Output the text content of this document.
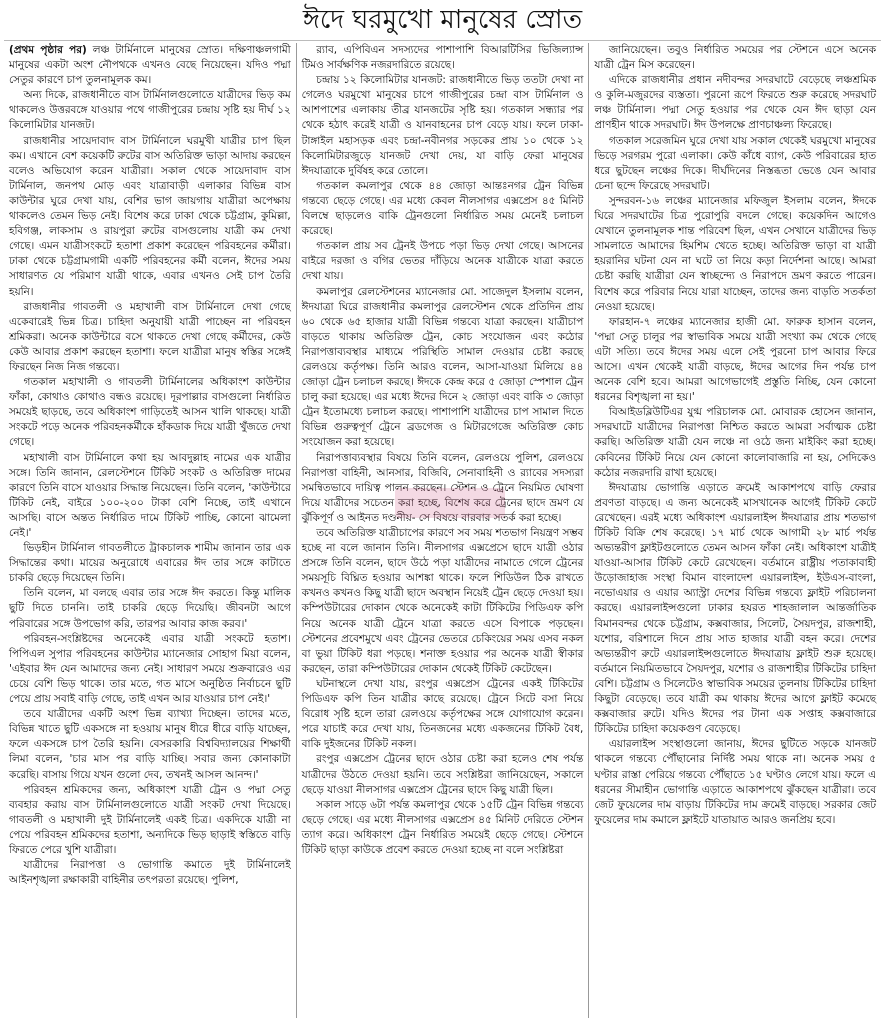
ঈদে ঘরমুখো মানুষের স্রোত

(প্রথম পৃষ্ঠার পর) লঞ্চ টার্মিনালে মানুষের স্রোত। দক্ষিণাঞ্চলগামী মানুষের একটা অংশ নৌপথকে এখনও বেছে নিয়েছেন। যদিও পদ্মা সেতুর কারণে চাপ তুলনামূলক কম।

অন্য দিকে, রাজধানীতে বাস টার্মিনালগুলোতে যাত্রীদের ভিড় কম থাকলেও উত্তরবঙ্গে যাওয়ার পথে গাজীপুরের চন্দ্রায় সৃষ্টি হয় দীর্ঘ ১২ কিলোমিটার যানজট।

রাজধানীর সায়েদাবাদ বাস টার্মিনালে ঘরমুখী যাত্রীর চাপ ছিল কম। এখানে বেশ কয়েকটি রুটের বাস অতিরিক্ত ভাড়া আদায় করছেন বলেও অভিযোগ করেন যাত্রীরা। সকাল থেকে সায়েদাবাদ বাস টার্মিনাল, জনপথ মোড় এবং যাত্রাবাড়ী এলাকার বিভিন্ন বাস কাউন্টার ঘুরে দেখা যায়, বেশির ভাগ জায়গায় যাত্রীরা অপেক্ষায় থাকলেও তেমন ভিড় নেই। বিশেষ করে ঢাকা থেকে চট্টগ্রাম, কুমিল্লা, হবিগঞ্জ, লাকসাম ও রায়পুরা রুটের বাসগুলোয় যাত্রী কম দেখা গেছে। এমন যাত্রীসংকটে হতাশা প্রকাশ করেছেন পরিবহনের কর্মীরা। ঢাকা থেকে চট্টগ্রামগামী একটি পরিবহনের কর্মী বলেন, ঈদের সময় সাধারণত যে পরিমাণ যাত্রী থাকে, এবার এখনও সেই চাপ তৈরি হয়নি।

রাজধানীর গাবতলী ও মহাখালী বাস টার্মিনালে দেখা গেছে একেবারেই ভিন্ন চিত্র। চাহিদা অনুযায়ী যাত্রী পাচ্ছেন না পরিবহন শ্রমিকরা। অনেক কাউন্টারে বসে থাকতে দেখা গেছে কর্মীদের, কেউ কেউ আবার প্রকাশ করছেন হতাশা। ফলে যাত্রীরা মানুষ স্বস্তির সঙ্গেই ফিরছেন নিজ নিজ গন্তব্যে।

গতকাল মহাখালী ও গাবতলী টার্মিনালের অধিকাংশ কাউন্টার ফাঁকা, কোথাও কোথাও বন্ধও রয়েছে। দূরপাল্লার বাসগুলো নির্ধারিত সময়েই ছাড়ছে, তবে অধিকাংশ গাড়িতেই আসন খালি থাকছে। যাত্রী সংকটে পড়ে অনেক পরিবহনকর্মীকে হাঁকডাক দিয়ে যাত্রী খুঁজতে দেখা গেছে।

মহাখালী বাস টার্মিনালে কথা হয় আবদুল্লাহ নামের এক যাত্রীর সঙ্গে। তিনি জানান, রেলস্টেশনে টিকিট সংকট ও অতিরিক্ত দামের কারণে তিনি বাসে যাওয়ার সিদ্ধান্ত নিয়েছেন। তিনি বলেন, 'কাউন্টারে টিকিট নেই, বাইরে ১০০-২০০ টাকা বেশি নিচ্ছে, তাই এখানে আসছি। বাসে অন্তত নির্ধারিত দামে টিকিট পাচ্ছি, কোনো ঝামেলা নেই।'

ভিড়হীন টার্মিনাল গাবতলীতে ট্রাকচালক শামীম জানান তার এক সিদ্ধান্তের কথা। মায়ের অনুরোধে এবারের ঈদ তার সঙ্গে কাটাতে চাকরি ছেড়ে দিয়েছেন তিনি।

তিনি বলেন, মা বলছে এবার তার সঙ্গে ঈদ করতে। কিন্তু মালিক ছুটি দিতে চাননি। তাই চাকরি ছেড়ে দিয়েছি। জীবনটা আগে পরিবারের সঙ্গে উপভোগ করি, তারপর আবার কাজ করব।'

পরিবহন-সংশ্লিষ্টদের অনেকেই এবার যাত্রী সংকটে হতাশ। পিপিএল সুপার পরিবহনের কাউন্টার ম্যানেজার সোহাগ মিয়া বলেন, 'এইবার ঈদ যেন আমাদের জন্য নেই। সাধারণ সময়ে শুক্রবারেও এর চেয়ে বেশি ভিড় থাকে। তার মতে, গত মাসে অনুষ্ঠিত নির্বাচনে ছুটি পেয়ে প্রায় সবাই বাড়ি গেছে, তাই এখন আর যাওয়ার চাপ নেই।'

তবে যাত্রীদের একটি অংশ ভিন্ন ব্যাখ্যা দিচ্ছেন। তাদের মতে, বিভিন্ন খাতে ছুটি একসঙ্গে না হওয়ায় মানুষ ধীরে ধীরে বাড়ি যাচ্ছেন, ফলে একসঙ্গে চাপ তৈরি হয়নি। বেসরকারি বিশ্ববিদ্যালয়ের শিক্ষার্থী লিমা বলেন, 'চার মাস পর বাড়ি যাচ্ছি। সবার জন্য কোনাকাটা করেছি। বাসায় গিয়ে যখন গুলো দেব, তখনই আসল আনন্দ।'

পরিবহন শ্রমিকদের জন্য, অধিকাংশ যাত্রী ট্রেন ও পদ্মা সেতু ব্যবহার করায় বাস টার্মিনালগুলোতে যাত্রী সংকট দেখা দিয়েছে। গাবতলী ও মহাখালী দুই টার্মিনালেই একই চিত্র। একদিকে যাত্রী না পেয়ে পরিবহন শ্রমিকদের হতাশা, অন্যদিকে ভিড় ছাড়াই স্বস্তিতে বাড়ি ফিরতে পেরে খুশি যাত্রীরা।

যাত্রীদের নিরাপত্তা ও ভোগান্তি কমাতে দুই টার্মিনালেই আইনশৃঙ্খলা রক্ষাকারী বাহিনীর তৎপরতা রয়েছে। পুলিশ,

র‍্যাব, এপিবিএন সদস্যদের পাশাপাশি বিআরটিসির ভিজিল্যান্স টিমও সার্বক্ষণিক নজরদারিতে রয়েছে।

চন্দ্রায় ১২ কিলোমিটার যানজট: রাজধানীতে ভিড় ততটা দেখা না গেলেও ঘরমুখো মানুষের চাপে গাজীপুরের চন্দ্রা বাস টার্মিনাল ও আশপাশের এলাকায় তীব্র যানজটের সৃষ্টি হয়। গতকাল সন্ধ্যার পর থেকে হঠাৎ করেই যাত্রী ও যানবাহনের চাপ বেড়ে যায়। ফলে ঢাকা-টাঙ্গাইল মহাসড়ক এবং চন্দ্রা-নবীনগর সড়কের প্রায় ১০ থেকে ১২ কিলোমিটারজুড়ে যানজট দেখা দেয়, যা বাড়ি ফেরা মানুষের ঈদযাত্রাকে দুর্বিষহ করে তোলে।

গতকাল কমলাপুর থেকে ৪৪ জোড়া আন্তঃনগর ট্রেন বিভিন্ন গন্তব্যে ছেড়ে গেছে। এর মধ্যে কেবল নীলসাগর এক্সপ্রেস ৪৫ মিনিট বিলম্বে ছাড়লেও বাকি ট্রেনগুলো নির্ধারিত সময় মেনেই চলাচল করেছে।

গতকাল প্রায় সব ট্রেনই উপচে পড়া ভিড় দেখা গেছে। আসনের বাইরে দরজা ও বগির ভেতর দাঁড়িয়ে অনেক যাত্রীকে যাত্রা করতে দেখা যায়।

কমলাপুর রেলস্টেশনের ম্যানেজার মো. সাজেদুল ইসলাম বলেন, ঈদযাত্রা ঘিরে রাজধানীর কমলাপুর রেলস্টেশন থেকে প্রতিদিন প্রায় ৬০ থেকে ৬৫ হাজার যাত্রী বিভিন্ন গন্তব্যে যাত্রা করছেন। যাত্রীচাপ বাড়তে থাকায় অতিরিক্ত ট্রেন, কোচ সংযোজন এবং কঠোর নিরাপত্তাব্যবস্থার মাধ্যমে পরিস্থিতি সামাল দেওয়ার চেষ্টা করছে রেলওয়ে কর্তৃপক্ষ। তিনি আরও বলেন, আসা-যাওয়া মিলিয়ে ৪৪ জোড়া ট্রেন চলাচল করছে। ঈদকে কেন্দ্র করে ৫ জোড়া স্পেশাল ট্রেন চালু করা হয়েছে। এর মধ্যে ঈদের দিনে ২ জোড়া এবং বাকি ৩ জোড়া ট্রেন ইতোমধ্যে চলাচল করছে। পাশাপাশি যাত্রীদের চাপ সামাল দিতে বিভিন্ন গুরুত্বপূর্ণ ট্রেনে ব্রডগেজ ও মিটারগেজে অতিরিক্ত কোচ সংযোজন করা হয়েছে।

নিরাপত্তাব্যবস্থার বিষয়ে তিনি বলেন, রেলওয়ে পুলিশ, রেলওয়ে নিরাপত্তা বাহিনী, আনসার, বিজিবি, সেনাবাহিনী ও র‍্যাবের সদস্যরা সমন্বিতভাবে দায়িত্ব পালন করছেন। স্টেশন ও ট্রেনে নিয়মিত ঘোষণা দিয়ে যাত্রীদের সচেতন করা হচ্ছে, বিশেষ করে ট্রেনের ছাদে ভ্রমণ যে ঝুঁকিপূর্ণ ও আইনত দণ্ডনীয়- সে বিষয়ে বারবার সতর্ক করা হচ্ছে।

তবে অতিরিক্ত যাত্রীচাপের কারণে সব সময় শতভাগ নিয়ন্ত্রণ সম্ভব হচ্ছে না বলে জানান তিনি। নীলসাগর এক্সপ্রেসে ছাদে যাত্রী ওঠার প্রসঙ্গে তিনি বলেন, ছাদে উঠে পড়া যাত্রীদের নামাতে গেলে ট্রেনের সময়সূচি বিঘ্নিত হওয়ার আশঙ্কা থাকে। ফলে শিডিউল ঠিক রাখতে কখনও কখনও কিছু যাত্রী ছাদে অবস্থান নিয়েই ট্রেন ছেড়ে দেওয়া হয়। কম্পিউটারের দোকান থেকে অনেকেই কাটা টিকিটের পিডিএফ কপি নিয়ে অনেক যাত্রী ট্রেনে যাত্রা করতে এসে বিপাকে পড়ছেন। স্টেশনের প্রবেশমুখে এবং ট্রেনের ভেতরে চেকিংয়ের সময় এসব নকল বা ভুয়া টিকিট ধরা পড়ছে। শনাক্ত হওয়ার পর অনেক যাত্রী স্বীকার করছেন, তারা কম্পিউটারের দোকান থেকেই টিকিট কেটেছেন।

ঘটনাস্থলে দেখা যায়, রংপুর এক্সপ্রেস ট্রেনের একই টিকিটের পিডিএফ কপি তিন যাত্রীর কাছে রয়েছে। ট্রেনে সিটে বসা নিয়ে বিরোধ সৃষ্টি হলে তারা রেলওয়ে কর্তৃপক্ষের সঙ্গে যোগাযোগ করেন। পরে যাচাই করে দেখা যায়, তিনজনের মধ্যে একজনের টিকিট বৈধ, বাকি দুইজনের টিকিট নকল।

রংপুর এক্সপ্রেস ট্রেনের ছাদে ওঠার চেষ্টা করা হলেও শেষ পর্যন্ত যাত্রীদের উঠতে দেওয়া হয়নি। তবে সংশ্লিষ্টরা জানিয়েছেন, সকালে ছেড়ে যাওয়া নীলসাগর এক্সপ্রেস ট্রেনের ছাদে কিছু যাত্রী ছিল।

সকাল সাড়ে ৬টা পর্যন্ত কমলাপুর থেকে ১৫টি ট্রেন বিভিন্ন গন্তব্যে ছেড়ে গেছে। এর মধ্যে নীলসাগর এক্সপ্রেস ৪৫ মিনিট দেরিতে স্টেশন ত্যাগ করে। অধিকাংশ ট্রেন নির্ধারিত সময়েই ছেড়ে গেছে। স্টেশনে টিকিট ছাড়া কাউকে প্রবেশ করতে দেওয়া হচ্ছে না বলে সংশ্লিষ্টরা

জানিয়েছেন। তবুও নির্ধারিত সময়ের পর স্টেশনে এসে অনেক যাত্রী ট্রেন মিস করেছেন।

এদিকে রাজধানীর প্রধান নদীবন্দর সদরঘাটে বেড়েছে লঞ্চশ্রমিক ও কুলি-মজুরদের ব্যস্ততা। পুরনো রূপে ফিরতে শুরু করেছে সদরঘাট লঞ্চ টার্মিনাল। পদ্মা সেতু হওয়ার পর থেকে যেন ঈদ ছাড়া যেন প্রাণহীন থাকে সদরঘাট। ঈদ উপলক্ষে প্রাণচাঞ্চল্য ফিরেছে।

গতকাল সরেজমিন ঘুরে দেখা যায় সকাল থেকেই ঘরমুখো মানুষের ভিড়ে সরগরম পুরো এলাকা। কেউ কাঁধে ব্যাগ, কেউ পরিবারের হাত ধরে ছুটছেন লঞ্চের দিকে। দীর্ঘদিনের নিস্তব্ধতা ভেঙে যেন আবার চেনা ছন্দে ফিরেছে সদরঘাট।

সুন্দরবন-১৬ লঞ্চের ম্যানেজার মফিজুল ইসলাম বলেন, ঈদকে ঘিরে সদরঘাটের চিত্র পুরোপুরি বদলে গেছে। কয়েকদিন আগেও যেখানে তুলনামূলক শান্ত পরিবেশ ছিল, এখন সেখানে যাত্রীদের ভিড় সামলাতে আমাদের হিমশিম খেতে হচ্ছে। অতিরিক্ত ভাড়া বা যাত্রী হয়রানির ঘটনা যেন না ঘটে তা নিয়ে কড়া নির্দেশনা আছে। আমরা চেষ্টা করছি যাত্রীরা যেন স্বাচ্ছন্দ্যে ও নিরাপদে ভ্রমণ করতে পারেন। বিশেষ করে পরিবার নিয়ে যারা যাচ্ছেন, তাদের জন্য বাড়তি সতর্কতা নেওয়া হয়েছে।

ফারহান-৭ লঞ্চের ম্যানেজার হাজী মো. ফারুক হাসান বলেন, 'পদ্মা সেতু চালুর পর স্বাভাবিক সময়ে যাত্রী সংখ্যা কম থেকে গেছে এটা সত্যি। তবে ঈদের সময় এলে সেই পুরনো চাপ আবার ফিরে আসে। এখন থেকেই যাত্রী বাড়ছে, ঈদের আগের দিন পর্যন্ত চাপ অনেক বেশি হবে। আমরা আগেভাগেই প্রস্তুতি নিচ্ছি, যেন কোনো ধরনের বিশৃঙ্খলা না হয়।'

বিআইডব্লিউটিএর যুগ্ম পরিচালক মো. মোবারক হোসেন জানান, সদরঘাটে যাত্রীদের নিরাপত্তা নিশ্চিত করতে আমরা সর্বাত্মক চেষ্টা করছি। অতিরিক্ত যাত্রী যেন লঞ্চে না ওঠে জন্য মাইকিং করা হচ্ছে। কেবিনের টিকিট নিয়ে যেন কোনো কালোবাজারি না হয়, সেদিকেও কঠোর নজরদারি রাখা হয়েছে।

ঈদযাত্রায় ভোগান্তি এড়াতে ক্রমেই আকাশপথে বাড়ি ফেরার প্রবণতা বাড়ছে। এ জন্য অনেকেই মাসখানেক আগেই টিকিট কেটে রেখেছেন। এরই মধ্যে অধিকাংশ এয়ারলাইন্স ঈদযাত্রার প্রায় শতভাগ টিকিট বিক্রি শেষ করেছে। ১৭ মার্চ থেকে আগামী ২৮ মার্চ পর্যন্ত অভ্যন্তরীণ ফ্লাইটগুলোতে তেমন আসন ফাঁকা নেই। অধিকাংশ যাত্রীই যাওয়া-আসার টিকিট কেটে রেখেছেন। বর্তমানে রাষ্ট্রীয় পতাকাবাহী উড়োজাহাজ সংস্থা বিমান বাংলাদেশ এয়ারলাইন্স, ইউএস-বাংলা, নভোএয়ার ও এয়ার অ্যাস্ট্রা দেশের বিভিন্ন গন্তব্যে ফ্লাইট পরিচালনা করছে। এয়ারলাইন্সগুলো ঢাকার হযরত শাহজালাল আন্তর্জাতিক বিমানবন্দর থেকে চট্টগ্রাম, কক্সবাজার, সিলেট, সৈয়দপুর, রাজশাহী, যশোর, বরিশালে দিনে প্রায় সাত হাজার যাত্রী বহন করে। দেশের অভ্যন্তরীণ রুটে এয়ারলাইন্সগুলোতে ঈদযাত্রায় ফ্লাইট শুরু হয়েছে। বর্তমানে নিয়মিতভাবে সৈয়দপুর, যশোর ও রাজশাহীর টিকিটের চাহিদা বেশি। চট্টগ্রাম ও সিলেটেও স্বাভাবিক সময়ের তুলনায় টিকিটের চাহিদা কিছুটা বেড়েছে। তবে যাত্রী কম থাকায় ঈদের আগে ফ্লাইট কমেছে কক্সবাজার রুটে। যদিও ঈদের পর টানা এক সপ্তাহ কক্সবাজারে টিকিটের চাহিদা কয়েকগুণ বেড়েছে।

এয়ারলাইন্স সংস্থাগুলো জানায়, ঈদের ছুটিতে সড়কে যানজট থাকলে গন্তব্যে পৌঁছানোর নির্দিষ্ট সময় থাকে না। অনেক সময় ৫ ঘণ্টার রাস্তা পেরিয়ে গন্তব্যে পৌঁছাতে ১৫ ঘণ্টাও লেগে যায়। ফলে এ ধরনের সীমাহীন ভোগান্তি এড়াতে আকাশপথে ঝুঁকছেন যাত্রীরা। তবে জেট ফুয়েলের দাম বাড়ায় টিকিটের দাম ক্রমেই বাড়ছে। সরকার জেট ফুয়েলের দাম কমালে ফ্লাইটে যাতায়াত আরও জনপ্রিয় হবে।
